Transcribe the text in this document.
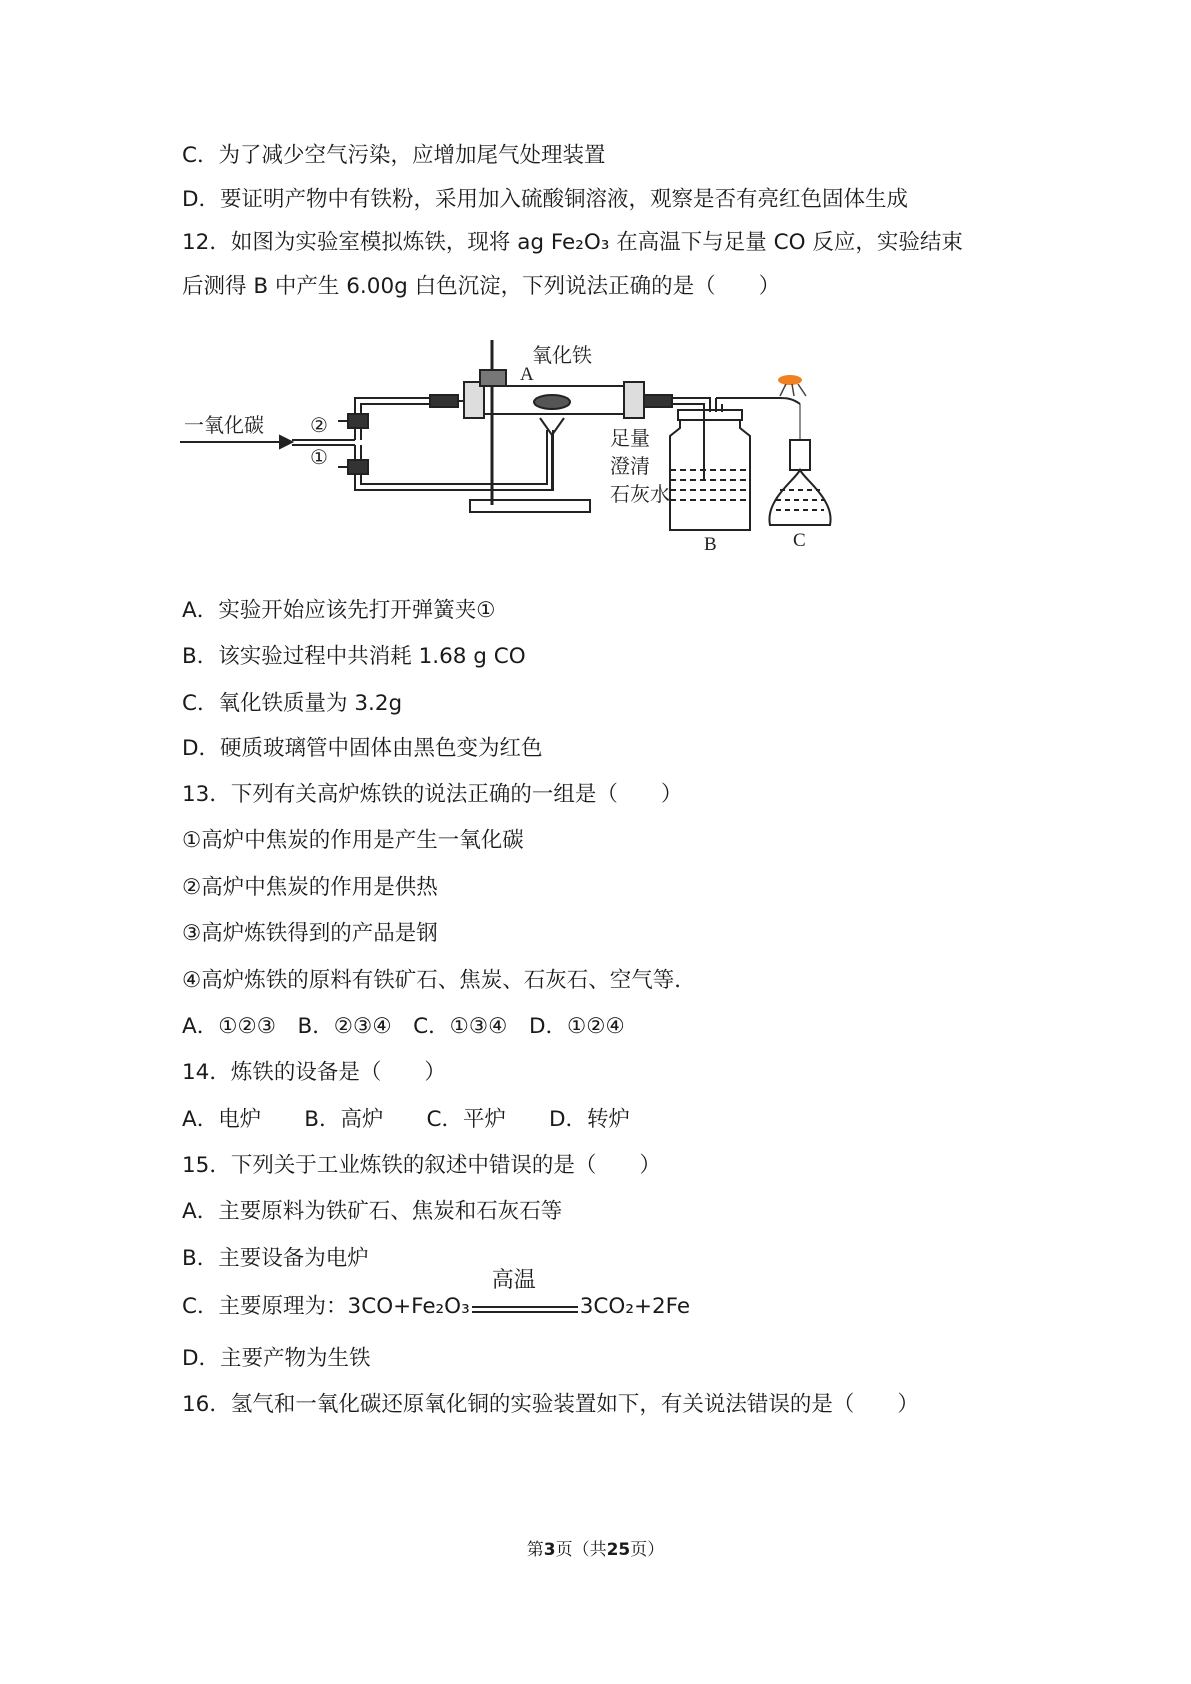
C．为了减少空气污染，应增加尾气处理装置
D．要证明产物中有铁粉，采用加入硫酸铜溶液，观察是否有亮红色固体生成
12．如图为实验室模拟炼铁，现将 ag Fe₂O₃ 在高温下与足量 CO 反应，实验结束
后测得 B 中产生 6.00g 白色沉淀，下列说法正确的是（　　）
一氧化碳 ②
①
氧化铁
A
足量
澄清
石灰水
B	C
A．实验开始应该先打开弹簧夹①
B．该实验过程中共消耗 1.68 g CO
C．氧化铁质量为 3.2g
D．硬质玻璃管中固体由黑色变为红色
13．下列有关高炉炼铁的说法正确的一组是（　　）
①高炉中焦炭的作用是产生一氧化碳
②高炉中焦炭的作用是供热
③高炉炼铁得到的产品是钢
④高炉炼铁的原料有铁矿石、焦炭、石灰石、空气等．
A．①②③　B．②③④　C．①③④　D．①②④
14．炼铁的设备是（　　）
A．电炉　　B．高炉　　C．平炉　　D．转炉
15．下列关于工业炼铁的叙述中错误的是（　　）
A．主要原料为铁矿石、焦炭和石灰石等
B．主要设备为电炉
C．主要原理为：3CO+Fe₂O₃
高温
3CO₂+2Fe
D．主要产物为生铁
16．氢气和一氧化碳还原氧化铜的实验装置如下，有关说法错误的是（　　）
第3页（共25页）
